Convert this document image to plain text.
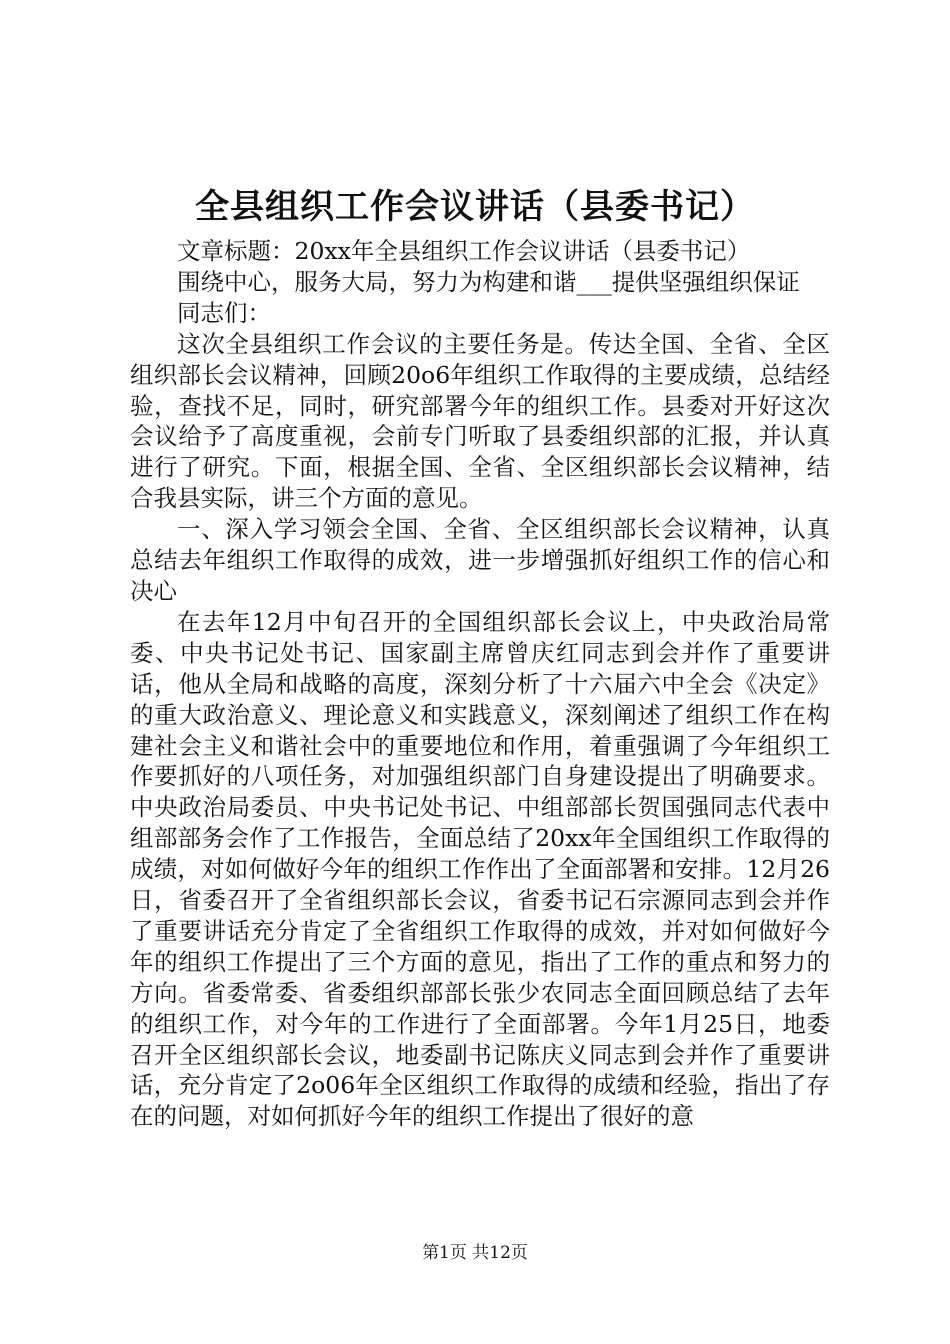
全县组织工作会议讲话（县委书记）

文章标题：20xx年全县组织工作会议讲话（县委书记）

围绕中心，服务大局，努力为构建和谐___提供坚强组织保证

同志们：

这次全县组织工作会议的主要任务是。传达全国、全省、全区组织部长会议精神，回顾20o6年组织工作取得的主要成绩，总结经验，查找不足，同时，研究部署今年的组织工作。县委对开好这次会议给予了高度重视，会前专门听取了县委组织部的汇报，并认真进行了研究。下面，根据全国、全省、全区组织部长会议精神，结合我县实际，讲三个方面的意见。

一、深入学习领会全国、全省、全区组织部长会议精神，认真总结去年组织工作取得的成效，进一步增强抓好组织工作的信心和决心

在去年12月中旬召开的全国组织部长会议上，中央政治局常委、中央书记处书记、国家副主席曾庆红同志到会并作了重要讲话，他从全局和战略的高度，深刻分析了十六届六中全会《决定》的重大政治意义、理论意义和实践意义，深刻阐述了组织工作在构建社会主义和谐社会中的重要地位和作用，着重强调了今年组织工作要抓好的八项任务，对加强组织部门自身建设提出了明确要求。中央政治局委员、中央书记处书记、中组部部长贺国强同志代表中组部部务会作了工作报告，全面总结了20xx年全国组织工作取得的成绩，对如何做好今年的组织工作作出了全面部署和安排。12月26日，省委召开了全省组织部长会议，省委书记石宗源同志到会并作了重要讲话充分肯定了全省组织工作取得的成效，并对如何做好今年的组织工作提出了三个方面的意见，指出了工作的重点和努力的方向。省委常委、省委组织部部长张少农同志全面回顾总结了去年的组织工作，对今年的工作进行了全面部署。今年1月25日，地委召开全区组织部长会议，地委副书记陈庆义同志到会并作了重要讲话，充分肯定了2o06年全区组织工作取得的成绩和经验，指出了存在的问题，对如何抓好今年的组织工作提出了很好的意

第1页 共12页
